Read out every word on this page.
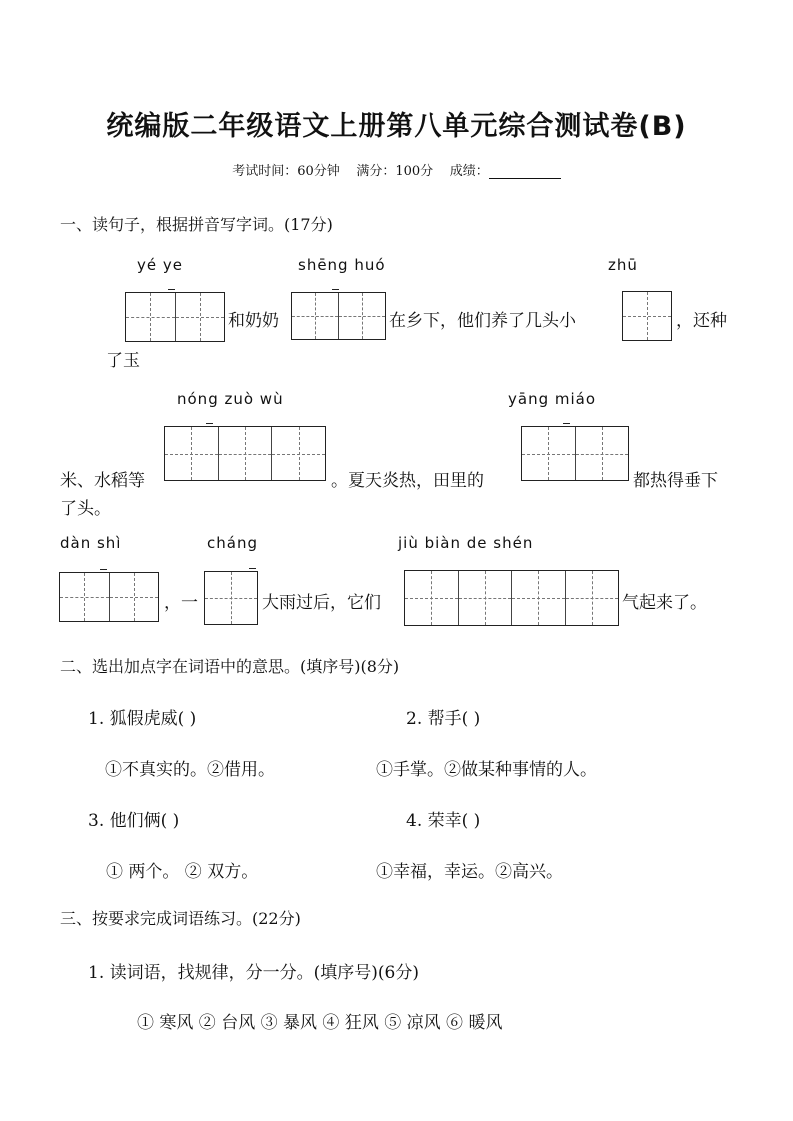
统编版二年级语文上册第八单元综合测试卷(B)
考试时间：60分钟 满分：100分 成绩：
一、读句子，根据拼音写字词。(17分)
yé ye	shēng huó	zhū
和奶奶	在乡下，他们养了几头小	，还种
了玉
nóng zuò wù	yāng miáo
米、水稻等	。夏天炎热，田里的	都热得垂下
了头。
dàn shì	cháng	jiù biàn de shén
，一	大雨过后，它们	气起来了。
二、选出加点字在词语中的意思。(填序号)(8分)
1. 狐假虎威( )	2. 帮手( )
①不真实的。②借用。	①手掌。②做某种事情的人。
3. 他们俩( )	4. 荣幸( )
① 两个。 ② 双方。	①幸福，幸运。②高兴。
三、按要求完成词语练习。(22分)
1. 读词语，找规律，分一分。(填序号)(6分)
① 寒风 ② 台风 ③ 暴风 ④ 狂风 ⑤ 凉风 ⑥ 暖风
